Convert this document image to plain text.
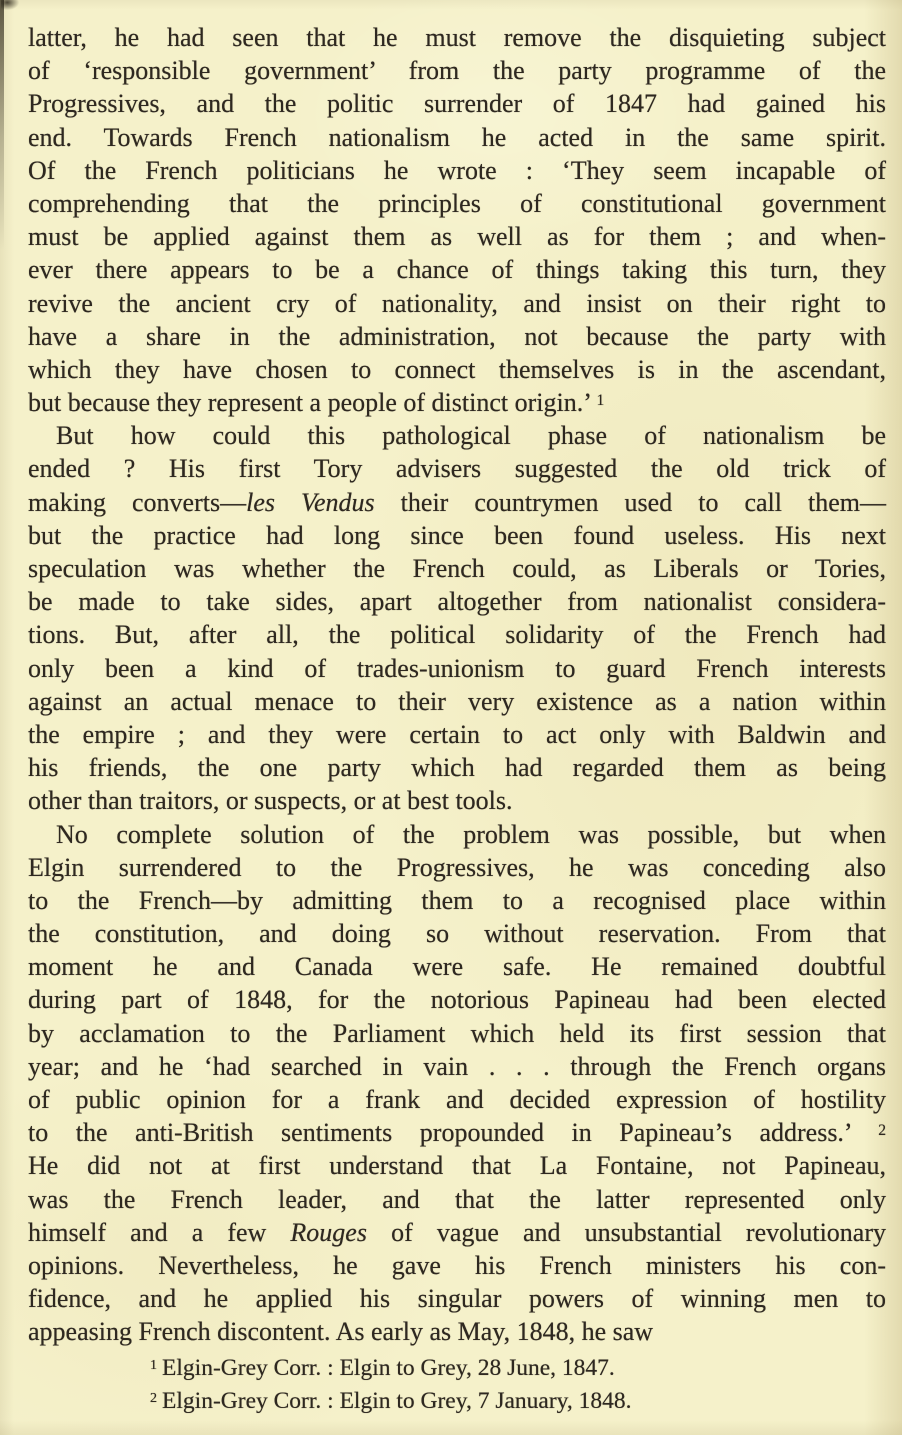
latter, he had seen that he must remove the disquieting subject
of ‘responsible government’ from the party programme of the
Progressives, and the politic surrender of 1847 had gained his
end. Towards French nationalism he acted in the same spirit.
Of the French politicians he wrote : ‘They seem incapable of
comprehending that the principles of constitutional government
must be applied against them as well as for them ; and when-
ever there appears to be a chance of things taking this turn, they
revive the ancient cry of nationality, and insist on their right to
have a share in the administration, not because the party with
which they have chosen to connect themselves is in the ascendant,
but because they represent a people of distinct origin.’ $^1$
But how could this pathological phase of nationalism be
ended ? His first Tory advisers suggested the old trick of
making converts—les Vendus their countrymen used to call them—
but the practice had long since been found useless. His next
speculation was whether the French could, as Liberals or Tories,
be made to take sides, apart altogether from nationalist considera-
tions. But, after all, the political solidarity of the French had
only been a kind of trades-unionism to guard French interests
against an actual menace to their very existence as a nation within
the empire ; and they were certain to act only with Baldwin and
his friends, the one party which had regarded them as being
other than traitors, or suspects, or at best tools.
No complete solution of the problem was possible, but when
Elgin surrendered to the Progressives, he was conceding also
to the French—by admitting them to a recognised place within
the constitution, and doing so without reservation. From that
moment he and Canada were safe. He remained doubtful
during part of 1848, for the notorious Papineau had been elected
by acclamation to the Parliament which held its first session that
year; and he ‘had searched in vain . . . through the French organs
of public opinion for a frank and decided expression of hostility
to the anti-British sentiments propounded in Papineau’s address.’ $^2$
He did not at first understand that La Fontaine, not Papineau,
was the French leader, and that the latter represented only
himself and a few Rouges of vague and unsubstantial revolutionary
opinions. Nevertheless, he gave his French ministers his con-
fidence, and he applied his singular powers of winning men to
appeasing French discontent. As early as May, 1848, he saw
$^1$ Elgin-Grey Corr. : Elgin to Grey, 28 June, 1847.
$^2$ Elgin-Grey Corr. : Elgin to Grey, 7 January, 1848.
